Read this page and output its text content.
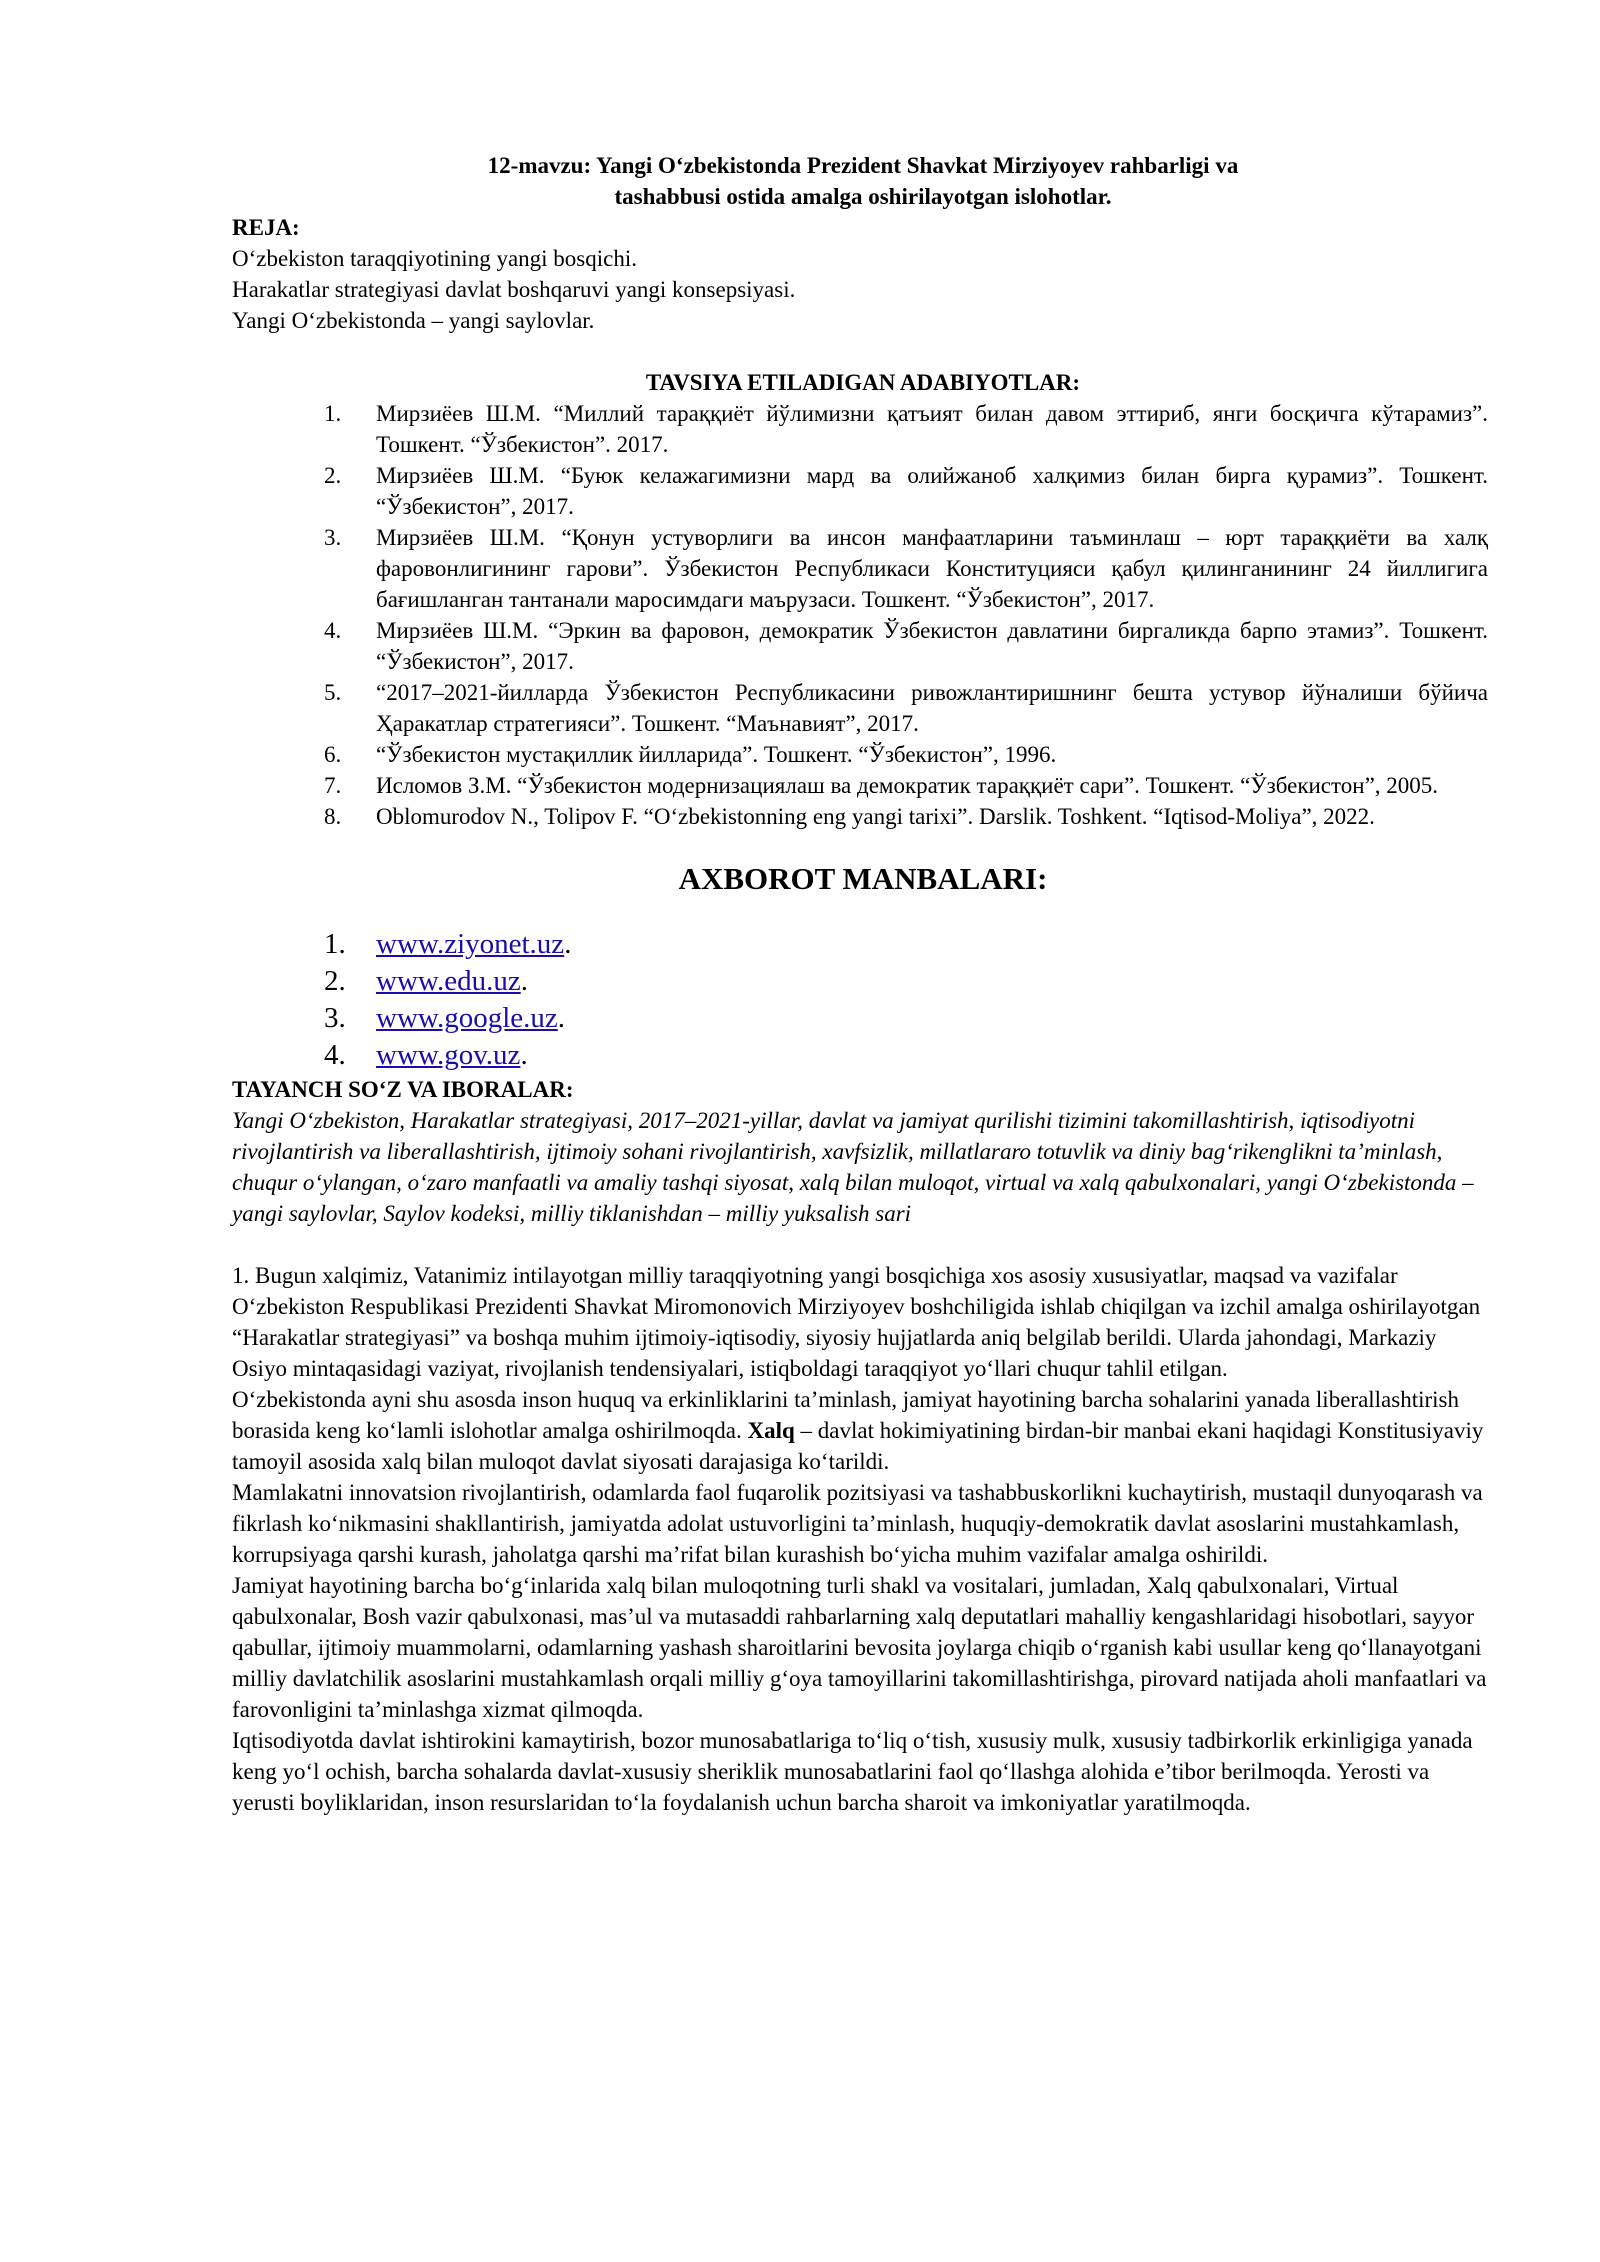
12-mavzu: Yangi O‘zbekistonda Prezident Shavkat Mirziyoyev rahbarligi va
tashabbusi ostida amalga oshirilayotgan islohotlar.
REJA:
O‘zbekiston taraqqiyotining yangi bosqichi.
Harakatlar strategiyasi davlat boshqaruvi yangi konsepsiyasi.
Yangi O‘zbekistonda – yangi saylovlar.
TAVSIYA ETILADIGAN ADABIYOTLAR:
1. Мирзиёев Ш.М. “Миллий тараққиёт йўлимизни қатъият билан давом эттириб, янги босқичга кўтарамиз”. Тошкент. “Ўзбекистон”. 2017.
2. Мирзиёев Ш.М. “Буюк келажагимизни мард ва олийжаноб халқимиз билан бирга қурамиз”. Тошкент. “Ўзбекистон”, 2017.
3. Мирзиёев Ш.М. “Қонун устуворлиги ва инсон манфаатларини таъминлаш – юрт тараққиёти ва халқ фаровонлигининг гарови”. Ўзбекистон Республикаси Конституцияси қабул қилинганининг 24 йиллигига бағишланган тантанали маросимдаги маърузаси. Тошкент. “Ўзбекистон”, 2017.
4. Мирзиёев Ш.М. “Эркин ва фаровон, демократик Ўзбекистон давлатини биргаликда барпо этамиз”. Тошкент. “Ўзбекистон”, 2017.
5. “2017–2021-йилларда Ўзбекистон Республикасини ривожлантиришнинг бешта устувор йўналиши бўйича Ҳаракатлар стратегияси”. Тошкент. “Маънавият”, 2017.
6. “Ўзбекистон мустақиллик йилларида”. Тошкент. “Ўзбекистон”, 1996.
7. Исломов З.М. “Ўзбекистон модернизациялаш ва демократик тараққиёт сари”. Тошкент. “Ўзбекистон”, 2005.
8. Oblomurodov N., Tolipov F. “O‘zbekistonning eng yangi tarixi”. Darslik. Toshkent. “Iqtisod-Moliya”, 2022.
AXBOROT MANBALARI:
1. www.ziyonet.uz.
2. www.edu.uz.
3. www.google.uz.
4. www.gov.uz.
TAYANCH SO‘Z VA IBORALAR:

Yangi O‘zbekiston, Harakatlar strategiyasi, 2017–2021-yillar, davlat va jamiyat qurilishi tizimini takomillashtirish, iqtisodiyotni rivojlantirish va liberallashtirish, ijtimoiy sohani rivojlantirish, xavfsizlik, millatlararo totuvlik va diniy bag‘rikenglikni ta’minlash, chuqur o‘ylangan, o‘zaro manfaatli va amaliy tashqi siyosat, xalq bilan muloqot, virtual va xalq qabulxonalari, yangi O‘zbekistonda – yangi saylovlar, Saylov kodeksi, milliy tiklanishdan – milliy yuksalish sari

1. Bugun xalqimiz, Vatanimiz intilayotgan milliy taraqqiyotning yangi bosqichiga xos asosiy xususiyatlar, maqsad va vazifalar O‘zbekiston Respublikasi Prezidenti Shavkat Miromonovich Mirziyoyev boshchiligida ishlab chiqilgan va izchil amalga oshirilayotgan “Harakatlar strategiyasi” va boshqa muhim ijtimoiy-iqtisodiy, siyosiy hujjatlarda aniq belgilab berildi. Ularda jahondagi, Markaziy Osiyo mintaqasidagi vaziyat, rivojlanish tendensiyalari, istiqboldagi taraqqiyot yo‘llari chuqur tahlil etilgan.

O‘zbekistonda ayni shu asosda inson huquq va erkinliklarini ta’minlash, jamiyat hayotining barcha sohalarini yanada liberallashtirish borasida keng ko‘lamli islohotlar amalga oshirilmoqda. Xalq – davlat hokimiyatining birdan-bir manbai ekani haqidagi Konstitusiyaviy tamoyil asosida xalq bilan muloqot davlat siyosati darajasiga ko‘tarildi.

Mamlakatni innovatsion rivojlantirish, odamlarda faol fuqarolik pozitsiyasi va tashabbuskorlikni kuchaytirish, mustaqil dunyoqarash va fikrlash ko‘nikmasini shakllantirish, jamiyatda adolat ustuvorligini ta’minlash, huquqiy-demokratik davlat asoslarini mustahkamlash, korrupsiyaga qarshi kurash, jaholatga qarshi ma’rifat bilan kurashish bo‘yicha muhim vazifalar amalga oshirildi.

Jamiyat hayotining barcha bo‘g‘inlarida xalq bilan muloqotning turli shakl va vositalari, jumladan, Xalq qabulxonalari, Virtual qabulxonalar, Bosh vazir qabulxonasi, mas’ul va mutasaddi rahbarlarning xalq deputatlari mahalliy kengashlaridagi hisobotlari, sayyor qabullar, ijtimoiy muammolarni, odamlarning yashash sharoitlarini bevosita joylarga chiqib o‘rganish kabi usullar keng qo‘llanayotgani milliy davlatchilik asoslarini mustahkamlash orqali milliy g‘oya tamoyillarini takomillashtirishga, pirovard natijada aholi manfaatlari va farovonligini ta’minlashga xizmat qilmoqda.

Iqtisodiyotda davlat ishtirokini kamaytirish, bozor munosabatlariga to‘liq o‘tish, xususiy mulk, xususiy tadbirkorlik erkinligiga yanada keng yo‘l ochish, barcha sohalarda davlat-xususiy sheriklik munosabatlarini faol qo‘llashga alohida e’tibor berilmoqda. Yerosti va yerusti boyliklaridan, inson resurslaridan to‘la foydalanish uchun barcha sharoit va imkoniyatlar yaratilmoqda.
